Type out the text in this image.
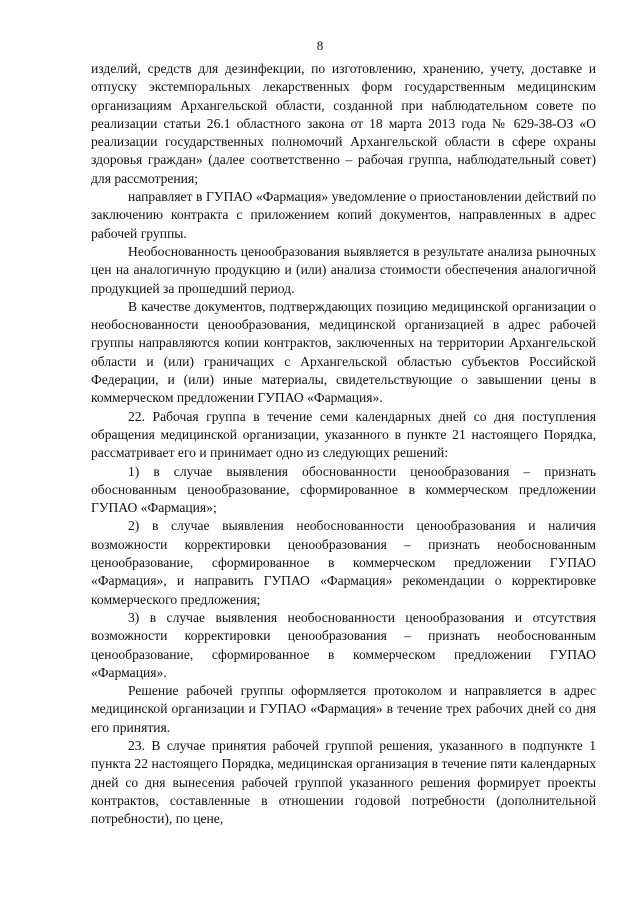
8

изделий, средств для дезинфекции, по изготовлению, хранению, учету, доставке и отпуску экстемпоральных лекарственных форм государственным медицинским организациям Архангельской области, созданной при наблюдательном совете по реализации статьи 26.1 областного закона от 18 марта 2013 года № 629-38-ОЗ «О реализации государственных полномочий Архангельской области в сфере охраны здоровья граждан» (далее соответственно – рабочая группа, наблюдательный совет) для рассмотрения;

направляет в ГУПАО «Фармация» уведомление о приостановлении действий по заключению контракта с приложением копий документов, направленных в адрес рабочей группы.

Необоснованность ценообразования выявляется в результате анализа рыночных цен на аналогичную продукцию и (или) анализа стоимости обеспечения аналогичной продукцией за прошедший период.

В качестве документов, подтверждающих позицию медицинской организации о необоснованности ценообразования, медицинской организацией в адрес рабочей группы направляются копии контрактов, заключенных на территории Архангельской области и (или) граничащих с Архангельской областью субъектов Российской Федерации, и (или) иные материалы, свидетельствующие о завышении цены в коммерческом предложении ГУПАО «Фармация».

22. Рабочая группа в течение семи календарных дней со дня поступления обращения медицинской организации, указанного в пункте 21 настоящего Порядка, рассматривает его и принимает одно из следующих решений:

1) в случае выявления обоснованности ценообразования – признать обоснованным ценообразование, сформированное в коммерческом предложении ГУПАО «Фармация»;

2) в случае выявления необоснованности ценообразования и наличия возможности корректировки ценообразования – признать необоснованным ценообразование, сформированное в коммерческом предложении ГУПАО «Фармация», и направить ГУПАО «Фармация» рекомендации о корректировке коммерческого предложения;

3) в случае выявления необоснованности ценообразования и отсутствия возможности корректировки ценообразования – признать необоснованным ценообразование, сформированное в коммерческом предложении ГУПАО «Фармация».

Решение рабочей группы оформляется протоколом и направляется в адрес медицинской организации и ГУПАО «Фармация» в течение трех рабочих дней со дня его принятия.

23. В случае принятия рабочей группой решения, указанного в подпункте 1 пункта 22 настоящего Порядка, медицинская организация в течение пяти календарных дней со дня вынесения рабочей группой указанного решения формирует проекты контрактов, составленные в отношении годовой потребности (дополнительной потребности), по цене,
